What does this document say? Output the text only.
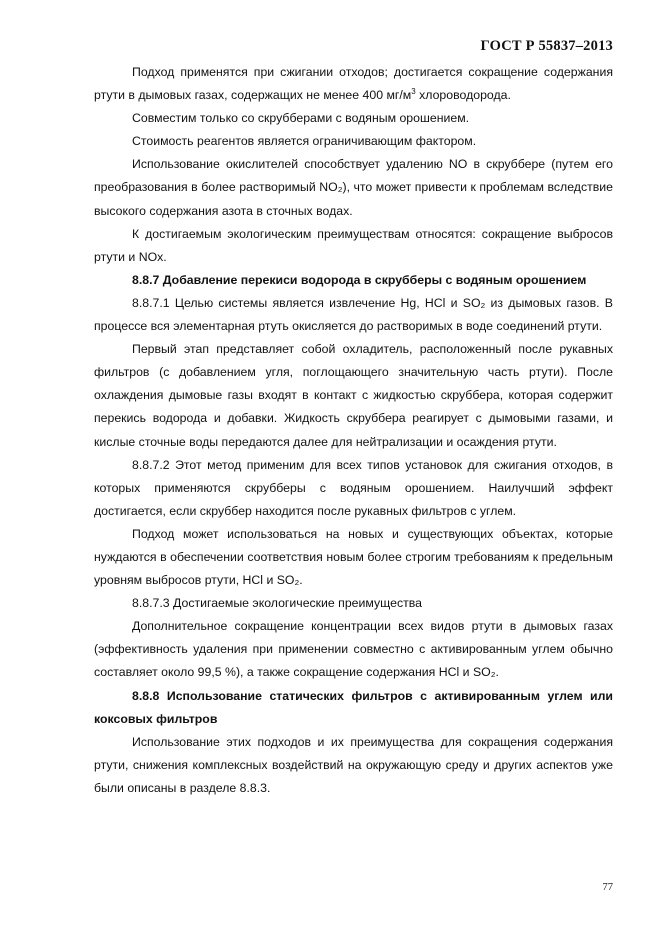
ГОСТ Р 55837–2013

Подход применятся при сжигании отходов; достигается сокращение содержания ртути в дымовых газах, содержащих не менее 400 $мг/м^3$ хлороводорода.

Совместим только со скрубберами с водяным орошением.

Стоимость реагентов является ограничивающим фактором.

Использование окислителей способствует удалению NO в скруббере (путем его преобразования в более растворимый NO₂), что может привести к проблемам вследствие высокого содержания азота в сточных водах.

К достигаемым экологическим преимуществам относятся: сокращение выбросов ртути и NOx.

8.8.7 Добавление перекиси водорода в скрубберы с водяным орошением

8.8.7.1 Целью системы является извлечение Hg, HCl и SO₂ из дымовых газов. В процессе вся элементарная ртуть окисляется до растворимых в воде соединений ртути.

Первый этап представляет собой охладитель, расположенный после рукавных фильтров (с добавлением угля, поглощающего значительную часть ртути). После охлаждения дымовые газы входят в контакт с жидкостью скруббера, которая содержит перекись водорода и добавки. Жидкость скруббера реагирует с дымовыми газами, и кислые сточные воды передаются далее для нейтрализации и осаждения ртути.

8.8.7.2 Этот метод применим для всех типов установок для сжигания отходов, в которых применяются скрубберы с водяным орошением. Наилучший эффект достигается, если скруббер находится после рукавных фильтров с углем.

Подход может использоваться на новых и существующих объектах, которые нуждаются в обеспечении соответствия новым более строгим требованиям к предельным уровням выбросов ртути, HCl и SO₂.

8.8.7.3 Достигаемые экологические преимущества

Дополнительное сокращение концентрации всех видов ртути в дымовых газах (эффективность удаления при применении совместно с активированным углем обычно составляет около 99,5 %), а также сокращение содержания HCl и SO₂.

8.8.8 Использование статических фильтров с активированным углем или коксовых фильтров

Использование этих подходов и их преимущества для сокращения содержания ртути, снижения комплексных воздействий на окружающую среду и других аспектов уже были описаны в разделе 8.8.3.

77
